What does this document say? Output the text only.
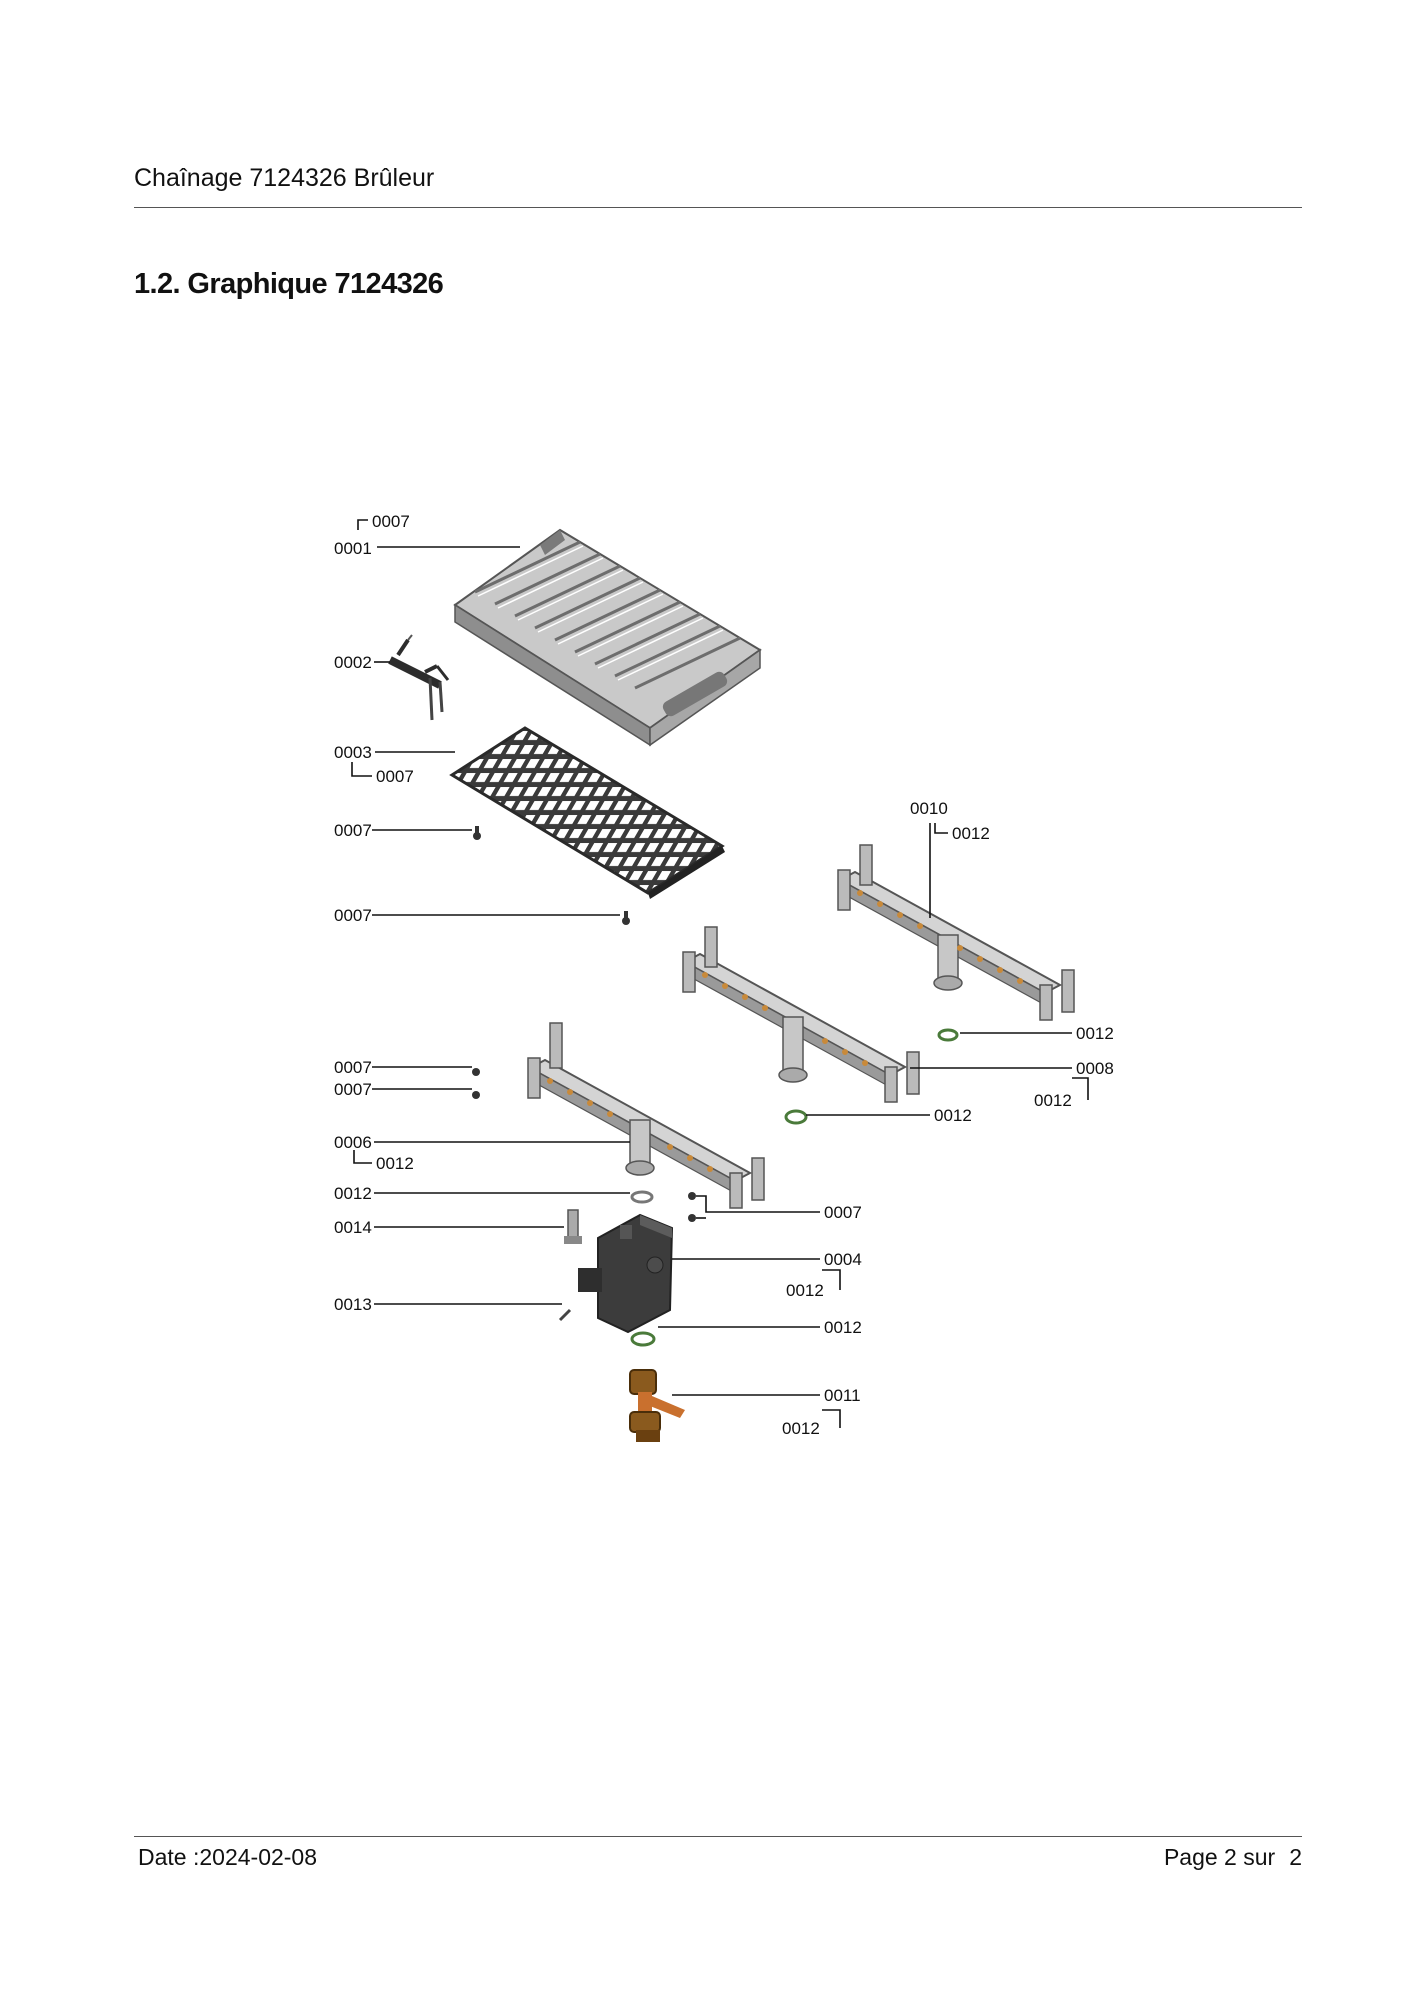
Chaînage 7124326 Brûleur
1.2. Graphique 7124326
0007
0001
0002
0003
0007
0007
0007
0010
0012
0012
0008
0012
0007
0007
0012
0006
0012
0012
0014
0007
0004
0012
0013
0012
0011
0012
Date :2024-02-08	Page 2 sur 2
